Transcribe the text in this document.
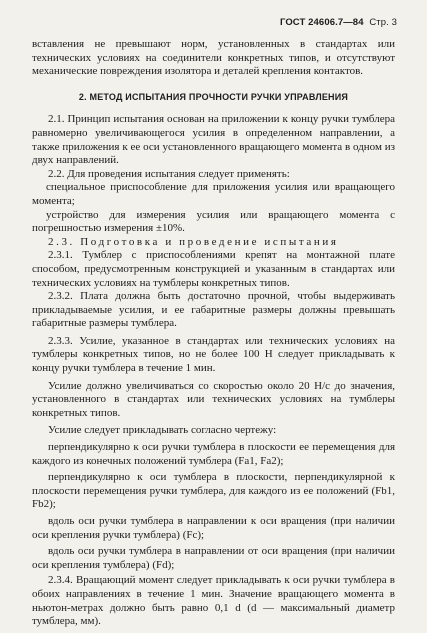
ГОСТ 24606.7—84 Стр. 3

вставления не превышают норм, установленных в стандартах или технических условиях на соединители конкретных типов, и отсутствуют механические повреждения изолятора и деталей крепления контактов.

2. МЕТОД ИСПЫТАНИЯ ПРОЧНОСТИ РУЧКИ УПРАВЛЕНИЯ

2.1. Принцип испытания основан на приложении к концу ручки тумблера равномерно увеличивающегося усилия в определенном направлении, а также приложения к ее оси установленного вращающего момента в одном из двух направлений.

2.2. Для проведения испытания следует применять:

специальное приспособление для приложения усилия или вращающего момента;

устройство для измерения усилия или вращающего момента с погрешностью измерения ±10%.

2.3. Подготовка и проведение испытания

2.3.1. Тумблер с приспособлениями крепят на монтажной плате способом, предусмотренным конструкцией и указанным в стандартах или технических условиях на тумблеры конкретных типов.

2.3.2. Плата должна быть достаточно прочной, чтобы выдерживать прикладываемые усилия, и ее габаритные размеры должны превышать габаритные размеры тумблера.

2.3.3. Усилие, указанное в стандартах или технических условиях на тумблеры конкретных типов, но не более 100 Н следует прикладывать к концу ручки тумблера в течение 1 мин.

Усилие должно увеличиваться со скоростью около 20 Н/с до значения, установленного в стандартах или технических условиях на тумблеры конкретных типов.

Усилие следует прикладывать согласно чертежу:

перпендикулярно к оси ручки тумблера в плоскости ее перемещения для каждого из конечных положений тумблера (Fa1, Fa2);

перпендикулярно к оси тумблера в плоскости, перпендикулярной к плоскости перемещения ручки тумблера, для каждого из ее положений (Fb1, Fb2);

вдоль оси ручки тумблера в направлении к оси вращения (при наличии оси крепления ручки тумблера) (Fc);

вдоль оси ручки тумблера в направлении от оси вращения (при наличии оси крепления тумблера) (Fd);

2.3.4. Вращающий момент следует прикладывать к оси ручки тумблера в обоих направлениях в течение 1 мин. Значение вращающего момента в ньютон-метрах должно быть равно 0,1 d (d — максимальный диаметр тумблера, мм).
